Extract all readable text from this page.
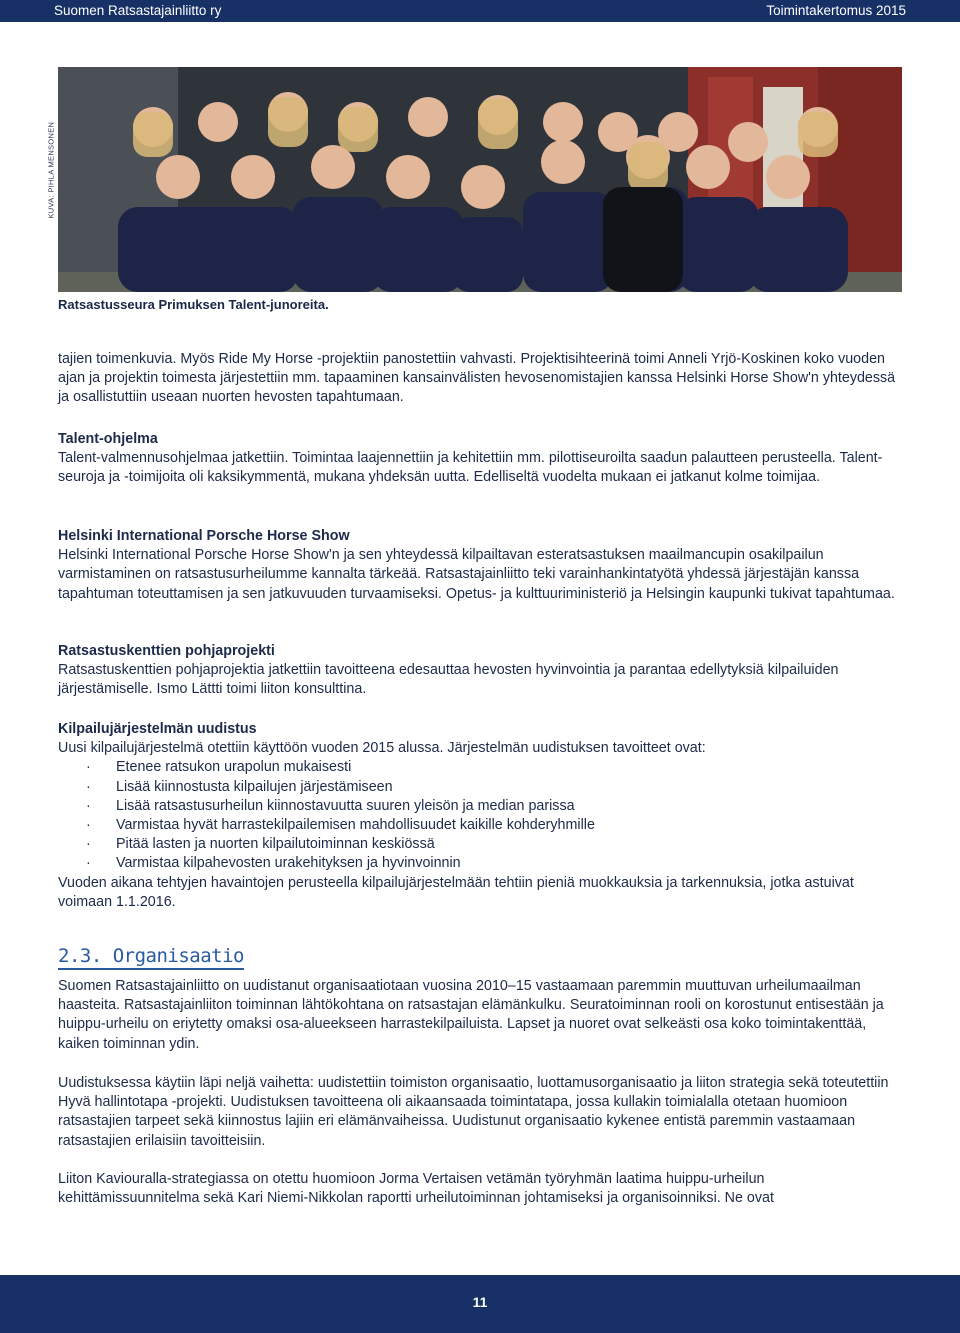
Suomen Ratsastajainliitto ry	Toimintakertomus 2015
KUVA: PIHLA MENSONEN
Ratsastusseura Primuksen Talent-junoreita.

tajien toimenkuvia. Myös Ride My Horse -projektiin panostettiin vahvasti. Projektisihteerinä toimi Anneli Yrjö-Koskinen koko vuoden ajan ja projektin toimesta järjestettiin mm. tapaaminen kansainvälisten hevosenomistajien kanssa Helsinki Horse Show'n yhteydessä ja osallistuttiin useaan nuorten hevosten tapahtumaan.

Talent-ohjelma

Talent-valmennusohjelmaa jatkettiin. Toimintaa laajennettiin ja kehitettiin mm. pilottiseuroilta saadun palautteen perusteella. Talent-seuroja ja -toimijoita oli kaksikymmentä, mukana yhdeksän uutta. Edelliseltä vuodelta mukaan ei jatkanut kolme toimijaa.

Helsinki International Porsche Horse Show

Helsinki International Porsche Horse Show'n ja sen yhteydessä kilpailtavan esteratsastuksen maailmancupin osakilpailun varmistaminen on ratsastusurheilumme kannalta tärkeää. Ratsastajainliitto teki varainhankintatyötä yhdessä järjestäjän kanssa tapahtuman toteuttamisen ja sen jatkuvuuden turvaamiseksi. Opetus- ja kulttuuriministeriö ja Helsingin kaupunki tukivat tapahtumaa.

Ratsastuskenttien pohjaprojekti

Ratsastuskenttien pohjaprojektia jatkettiin tavoitteena edesauttaa hevosten hyvinvointia ja parantaa edellytyksiä kilpailuiden järjestämiselle. Ismo Lättti toimi liiton konsulttina.

Kilpailujärjestelmän uudistus

Uusi kilpailujärjestelmä otettiin käyttöön vuoden 2015 alussa. Järjestelmän uudistuksen tavoitteet ovat:

· Etenee ratsukon urapolun mukaisesti
· Lisää kiinnostusta kilpailujen järjestämiseen
· Lisää ratsastusurheilun kiinnostavuutta suuren yleisön ja median parissa
· Varmistaa hyvät harrastekilpailemisen mahdollisuudet kaikille kohderyhmille
· Pitää lasten ja nuorten kilpailutoiminnan keskiössä
· Varmistaa kilpahevosten urakehityksen ja hyvinvoinnin

Vuoden aikana tehtyjen havaintojen perusteella kilpailujärjestelmään tehtiin pieniä muokkauksia ja tarkennuksia, jotka astuivat voimaan 1.1.2016.

2.3. Organisaatio

Suomen Ratsastajainliitto on uudistanut organisaatiotaan vuosina 2010–15 vastaamaan paremmin muuttuvan urheilumaailman haasteita. Ratsastajainliiton toiminnan lähtökohtana on ratsastajan elämänkulku. Seuratoiminnan rooli on korostunut entisestään ja huippu-urheilu on eriytetty omaksi osa-alueekseen harrastekilpailuista. Lapset ja nuoret ovat selkeästi osa koko toimintakenttää, kaiken toiminnan ydin.

Uudistuksessa käytiin läpi neljä vaihetta: uudistettiin toimiston organisaatio, luottamusorganisaatio ja liiton strategia sekä toteutettiin Hyvä hallintotapa -projekti. Uudistuksen tavoitteena oli aikaansaada toimintatapa, jossa kullakin toimialalla otetaan huomioon ratsastajien tarpeet sekä kiinnostus lajiin eri elämänvaiheissa. Uudistunut organisaatio kykenee entistä paremmin vastaamaan ratsastajien erilaisiin tavoitteisiin.

Liiton Kaviouralla-strategiassa on otettu huomioon Jorma Vertaisen vetämän työryhmän laatima huippu-urheilun kehittämissuunnitelma sekä Kari Niemi-Nikkolan raportti urheilutoiminnan johtamiseksi ja organisoinniksi. Ne ovat

11
